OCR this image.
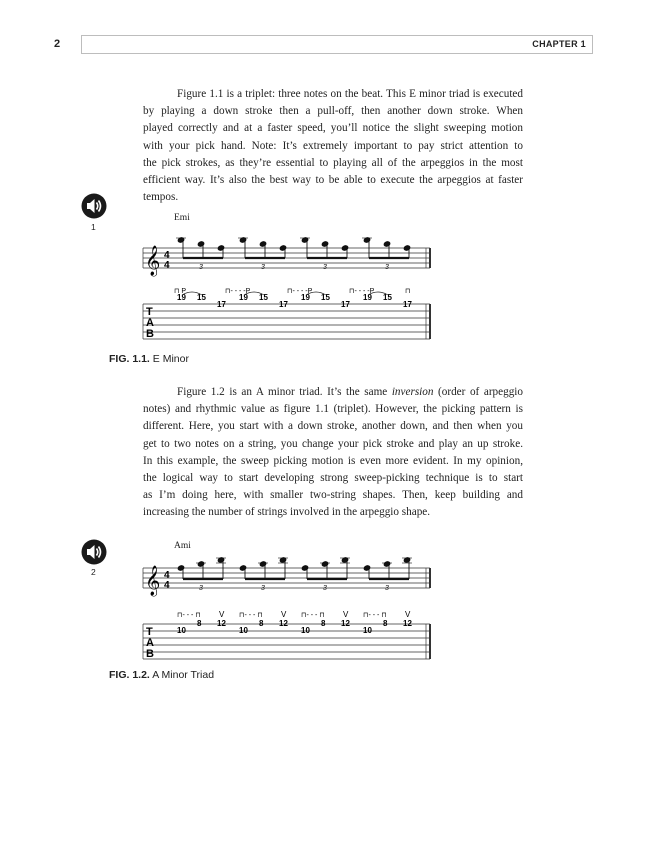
2	CHAPTER 1
Figure 1.1 is a triplet: three notes on the beat. This E minor triad is executed
by playing a down stroke then a pull-off, then another down stroke. When
played correctly and at a faster speed, you’ll notice the slight sweeping motion
with your pick hand. Note: It’s extremely important to pay strict attention to
the pick strokes, as they’re essential to playing all of the arpeggios in the most
efficient way. It’s also the best way to be able to execute the arpeggios at faster
tempos.
1
Emi
𝄞 4
4	3	3	3	3
T
A
B
19 15
17
19 15
17
19 15
17
19 15
17
⊓ P	⊓- - - -P	⊓- - - -P	⊓- - - -P	⊓
FIG. 1.1. E Minor
Figure 1.2 is an A minor triad. It’s the same inversion (order of arpeggio
notes) and rhythmic value as figure 1.1 (triplet). However, the picking pattern is
different. Here, you start with a down stroke, another down, and then when you
get to two notes on a string, you change your pick stroke and play an up stroke.
In this example, the sweep picking motion is even more evident. In my opinion,
the logical way to start developing strong sweep-picking technique is to start
as I’m doing here, with smaller two-string shapes. Then, keep building and
increasing the number of strings involved in the arpeggio shape.
2
Ami
𝄞 4
4	3	3	3	3
T
A
B
10
8 12
10
8 12
10
8 12
10
8 12
⊓- - - ⊓ V ⊓- - - ⊓ V ⊓- - - ⊓ V ⊓- - - ⊓ V
FIG. 1.2. A Minor Triad
